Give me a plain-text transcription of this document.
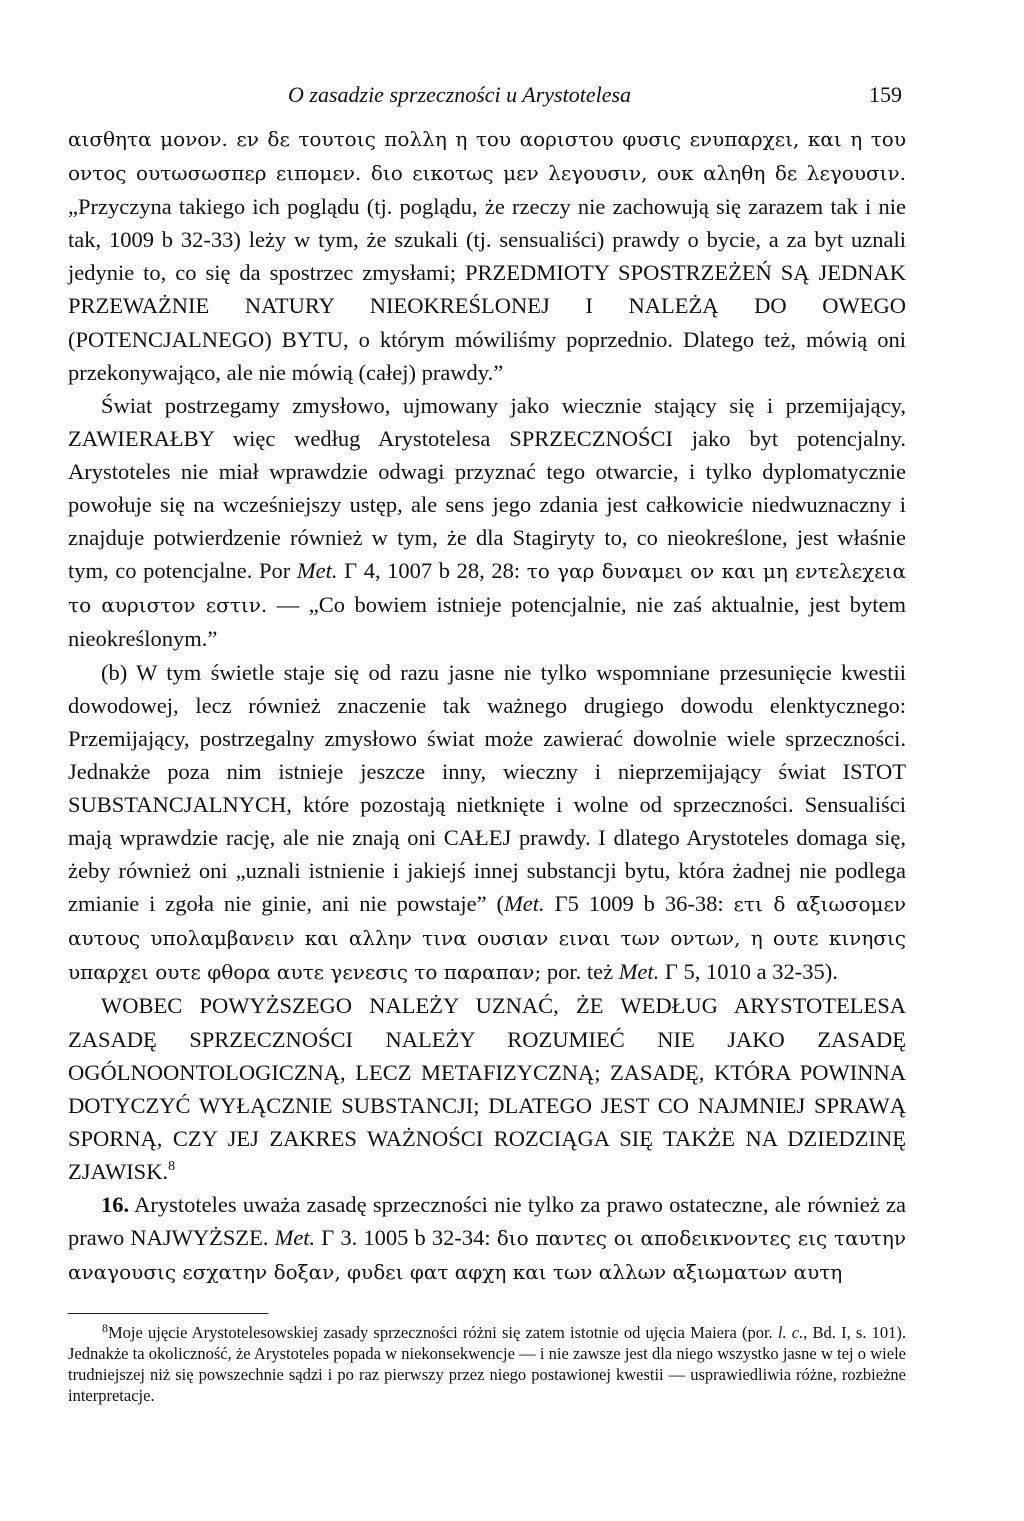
O zasadzie sprzeczności u Arystotelesa	159

αισθητα μονον. εν δε τουτοις πολλη η του αοριστου φυσις ενυπαρχει, και η του οντος ουτωσωσπερ ειπομεν. διο εικοτως μεν λεγουσιν, ουκ αληθη δε λεγουσιν. „Przyczyna takiego ich poglądu (tj. poglądu, że rzeczy nie zachowują się zarazem tak i nie tak, 1009 b 32-33) leży w tym, że szukali (tj. sensualiści) prawdy o bycie, a za byt uznali jedynie to, co się da spostrzec zmysłami; PRZEDMIOTY SPOSTRZEŻEŃ SĄ JEDNAK PRZEWAŻNIE NATURY NIEOKREŚLONEJ I NALEŻĄ DO OWEGO (POTENCJALNEGO) BYTU, o którym mówiliśmy poprzednio. Dlatego też, mówią oni przekonywająco, ale nie mówią (całej) prawdy.”

Świat postrzegamy zmysłowo, ujmowany jako wiecznie stający się i przemijający, ZAWIERAŁBY więc według Arystotelesa SPRZECZNOŚCI jako byt potencjalny. Arystoteles nie miał wprawdzie odwagi przyznać tego otwarcie, i tylko dyplomatycznie powołuje się na wcześniejszy ustęp, ale sens jego zdania jest całkowicie niedwuznaczny i znajduje potwierdzenie również w tym, że dla Stagiryty to, co nieokreślone, jest właśnie tym, co potencjalne. Por Met. Γ 4, 1007 b 28, 28: το γαρ δυναμει ον και μη εντελεχεια το αυριστον εστιν. — „Co bowiem istnieje potencjalnie, nie zaś aktualnie, jest bytem nieokreślonym.”

(b) W tym świetle staje się od razu jasne nie tylko wspomniane przesunięcie kwestii dowodowej, lecz również znaczenie tak ważnego drugiego dowodu elenktycznego: Przemijający, postrzegalny zmysłowo świat może zawierać dowolnie wiele sprzeczności. Jednakże poza nim istnieje jeszcze inny, wieczny i nieprzemijający świat ISTOT SUBSTANCJALNYCH, które pozostają nietknięte i wolne od sprzeczności. Sensualiści mają wprawdzie rację, ale nie znają oni CAŁEJ prawdy. I dlatego Arystoteles domaga się, żeby również oni „uznali istnienie i jakiejś innej substancji bytu, która żadnej nie podlega zmianie i zgoła nie ginie, ani nie powstaje” (Met. Γ5 1009 b 36-38: ετι δ αξιωσομεν αυτους υπολαμβανειν και αλλην τινα ουσιαν ειναι των οντων, η ουτε κινησις υπαρχει ουτε φθορα αυτε γενεσις το παραπαν; por. też Met. Γ 5, 1010 a 32-35).

WOBEC POWYŻSZEGO NALEŻY UZNAĆ, ŻE WEDŁUG ARYSTOTELESA ZASADĘ SPRZECZNOŚCI NALEŻY ROZUMIEĆ NIE JAKO ZASADĘ OGÓLNOONTOLOGICZNĄ, LECZ METAFIZYCZNĄ; ZASADĘ, KTÓRA POWINNA DOTYCZYĆ WYŁĄCZNIE SUBSTANCJI; DLATEGO JEST CO NAJMNIEJ SPRAWĄ SPORNĄ, CZY JEJ ZAKRES WAŻNOŚCI ROZCIĄGA SIĘ TAKŻE NA DZIEDZINĘ ZJAWISK.$^8$

16. Arystoteles uważa zasadę sprzeczności nie tylko za prawo ostateczne, ale również za prawo NAJWYŻSZE. Met. Γ 3. 1005 b 32-34: διο παντες οι αποδεικνοντες εις ταυτην αναγουσις εσχατην δοξαν, φυδει φατ αφχη και των αλλων αξιωματων αυτη

$^8$Moje ujęcie Arystotelesowskiej zasady sprzeczności różni się zatem istotnie od ujęcia Maiera (por. l. c., Bd. I, s. 101). Jednakże ta okoliczność, że Arystoteles popada w niekonsekwencje — i nie zawsze jest dla niego wszystko jasne w tej o wiele trudniejszej niż się powszechnie sądzi i po raz pierwszy przez niego postawionej kwestii — usprawiedliwia różne, rozbieżne interpretacje.
